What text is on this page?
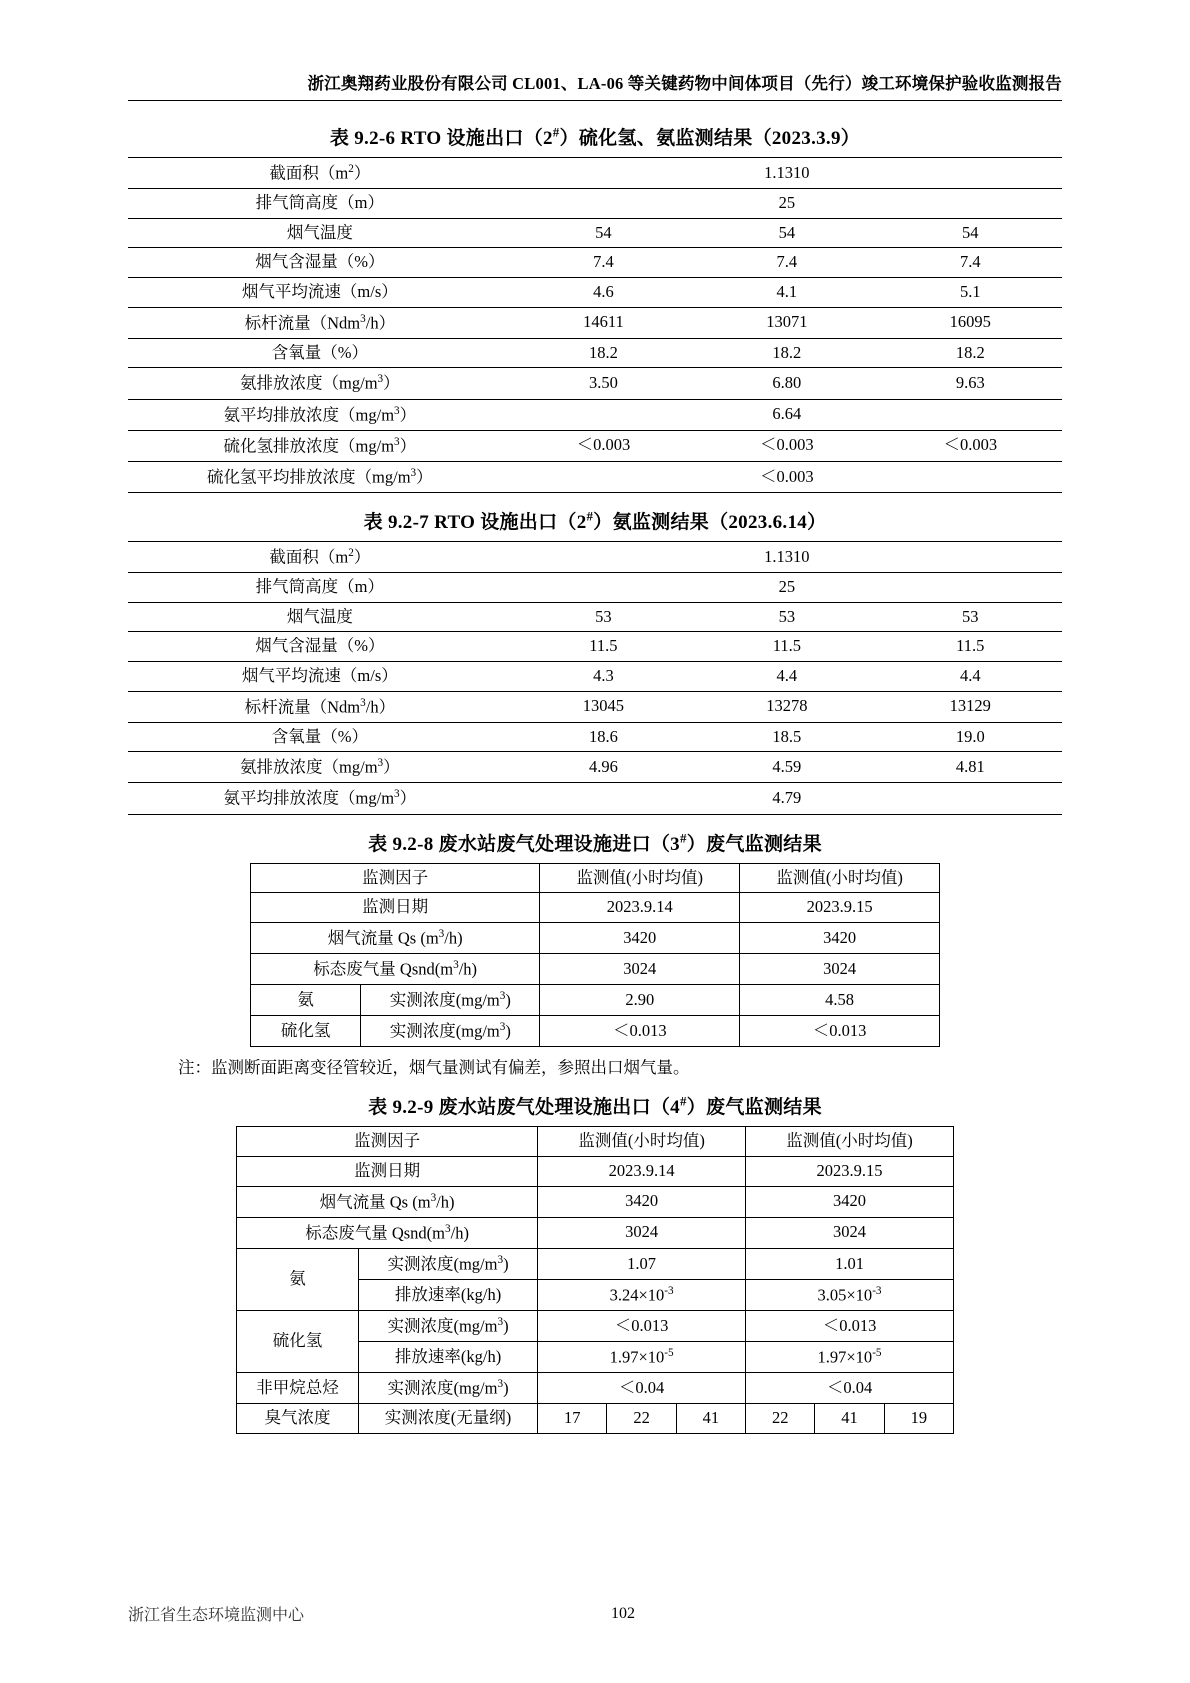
浙江奥翔药业股份有限公司 CL001、LA-06 等关键药物中间体项目（先行）竣工环境保护验收监测报告
表 9.2-6 RTO 设施出口（2#）硫化氢、氨监测结果（2023.3.9）
截面积$(m^2)$	1.1310		
排气筒高度（m）	25		
烟气温度	54	54	54
烟气含湿量（%）	7.4	7.4	7.4
烟气平均流速（m/s）	4.6	4.1	5.1
标杆流量（Ndm$^3$/h）	14611	13071	16095
含氧量（%）	18.2	18.2	18.2
氨排放浓度$(mg/m^3)$	3.50	6.80	9.63
氨平均排放浓度$(mg/m^3)$	6.64		
硫化氢排放浓度$(mg/m^3)$	＜0.003	＜0.003	＜0.003
硫化氢平均排放浓度$(mg/m^3)$	＜0.003		
表 9.2-7 RTO 设施出口（2#）氨监测结果（2023.6.14）
截面积$(m^2)$	1.1310		
排气筒高度（m）	25		
烟气温度	53	53	53
烟气含湿量（%）	11.5	11.5	11.5
烟气平均流速（m/s）	4.3	4.4	4.4
标杆流量（Ndm$^3$/h）	13045	13278	13129
含氧量（%）	18.6	18.5	19.0
氨排放浓度$(mg/m^3)$	4.96	4.59	4.81
氨平均排放浓度$(mg/m^3)$	4.79		
表 9.2-8 废水站废气处理设施进口（3#）废气监测结果
监测因子		监测值(小时均值)	监测值(小时均值)
监测日期		2023.9.14	2023.9.15
烟气流量 Qs $(m^3/h)$		3420	3420
标态废气量 $Qsnd(m^3/h)$		3024	3024
氨	实测浓度$(mg/m^3)$	2.90	4.58
硫化氢	实测浓度$(mg/m^3)$	＜0.013	＜0.013
注：监测断面距离变径管较近，烟气量测试有偏差，参照出口烟气量。
表 9.2-9 废水站废气处理设施出口（4#）废气监测结果
监测因子		监测值(小时均值)			监测值(小时均值)		
监测日期		2023.9.14			2023.9.15		
烟气流量 Qs $(m^3/h)$		3420			3420		
标态废气量 $Qsnd(m^3/h)$		3024			3024		
氨	实测浓度$(mg/m^3)$	1.07			1.01		
	排放速率(kg/h)	$3.24\times 10^{-3}$			$3.05\times 10^{-3}$
硫化氢	实测浓度$(mg/m^3)$	＜0.013			＜0.013		
	排放速率(kg/h)	$1.97\times 10^{-5}$			$1.97\times 10^{-5}$
非甲烷总烃	实测浓度$(mg/m^3)$	＜0.04			＜0.04		
臭气浓度	实测浓度(无量纲)	17	22	41	22	41	19
浙江省生态环境监测中心	102
